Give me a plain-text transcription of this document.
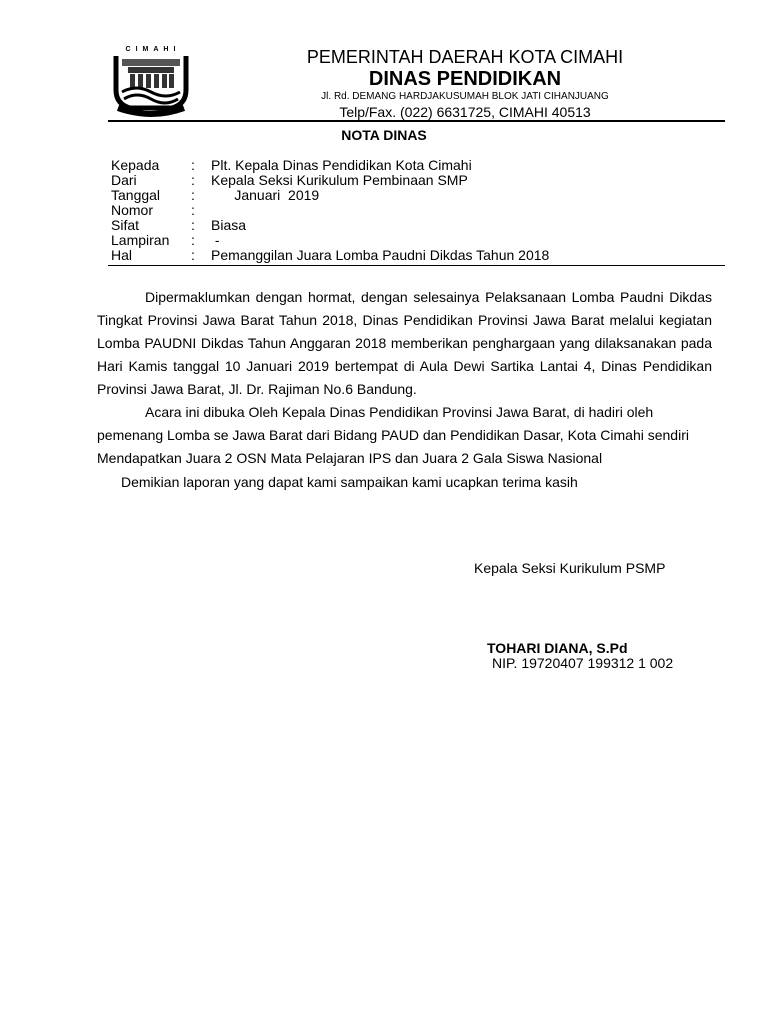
CIMAHI	PEMERINTAH DAERAH KOTA CIMAHI
DINAS PENDIDIKAN
Jl. Rd. DEMANG HARDJAKUSUMAH BLOK JATI CIHANJUANG
Telp/Fax. (022) 6631725, CIMAHI 40513
NOTA DINAS
Kepada	:	Plt. Kepala Dinas Pendidikan Kota Cimahi
Dari	:	Kepala Seksi Kurikulum Pembinaan SMP
Tanggal	:	Januari  2019
Nomor	:	
Sifat	:	Biasa
Lampiran	:	-
Hal	:	Pemanggilan Juara Lomba Paudni Dikdas Tahun 2018

Dipermaklumkan dengan hormat, dengan selesainya Pelaksanaan Lomba Paudni Dikdas Tingkat Provinsi Jawa Barat Tahun 2018, Dinas Pendidikan Provinsi Jawa Barat melalui kegiatan Lomba PAUDNI Dikdas Tahun Anggaran 2018 memberikan penghargaan yang dilaksanakan pada Hari Kamis tanggal 10 Januari 2019 bertempat di Aula Dewi Sartika Lantai 4, Dinas Pendidikan Provinsi Jawa Barat, Jl. Dr. Rajiman No.6 Bandung.

Acara ini dibuka Oleh Kepala Dinas Pendidikan Provinsi Jawa Barat, di hadiri oleh pemenang Lomba se Jawa Barat dari Bidang PAUD dan Pendidikan Dasar, Kota Cimahi sendiri Mendapatkan Juara 2 OSN Mata Pelajaran IPS dan Juara 2 Gala Siswa Nasional

Demikian laporan yang dapat kami sampaikan kami ucapkan terima kasih
Kepala Seksi Kurikulum PSMP
TOHARI DIANA, S.Pd
NIP. 19720407 199312 1 002
